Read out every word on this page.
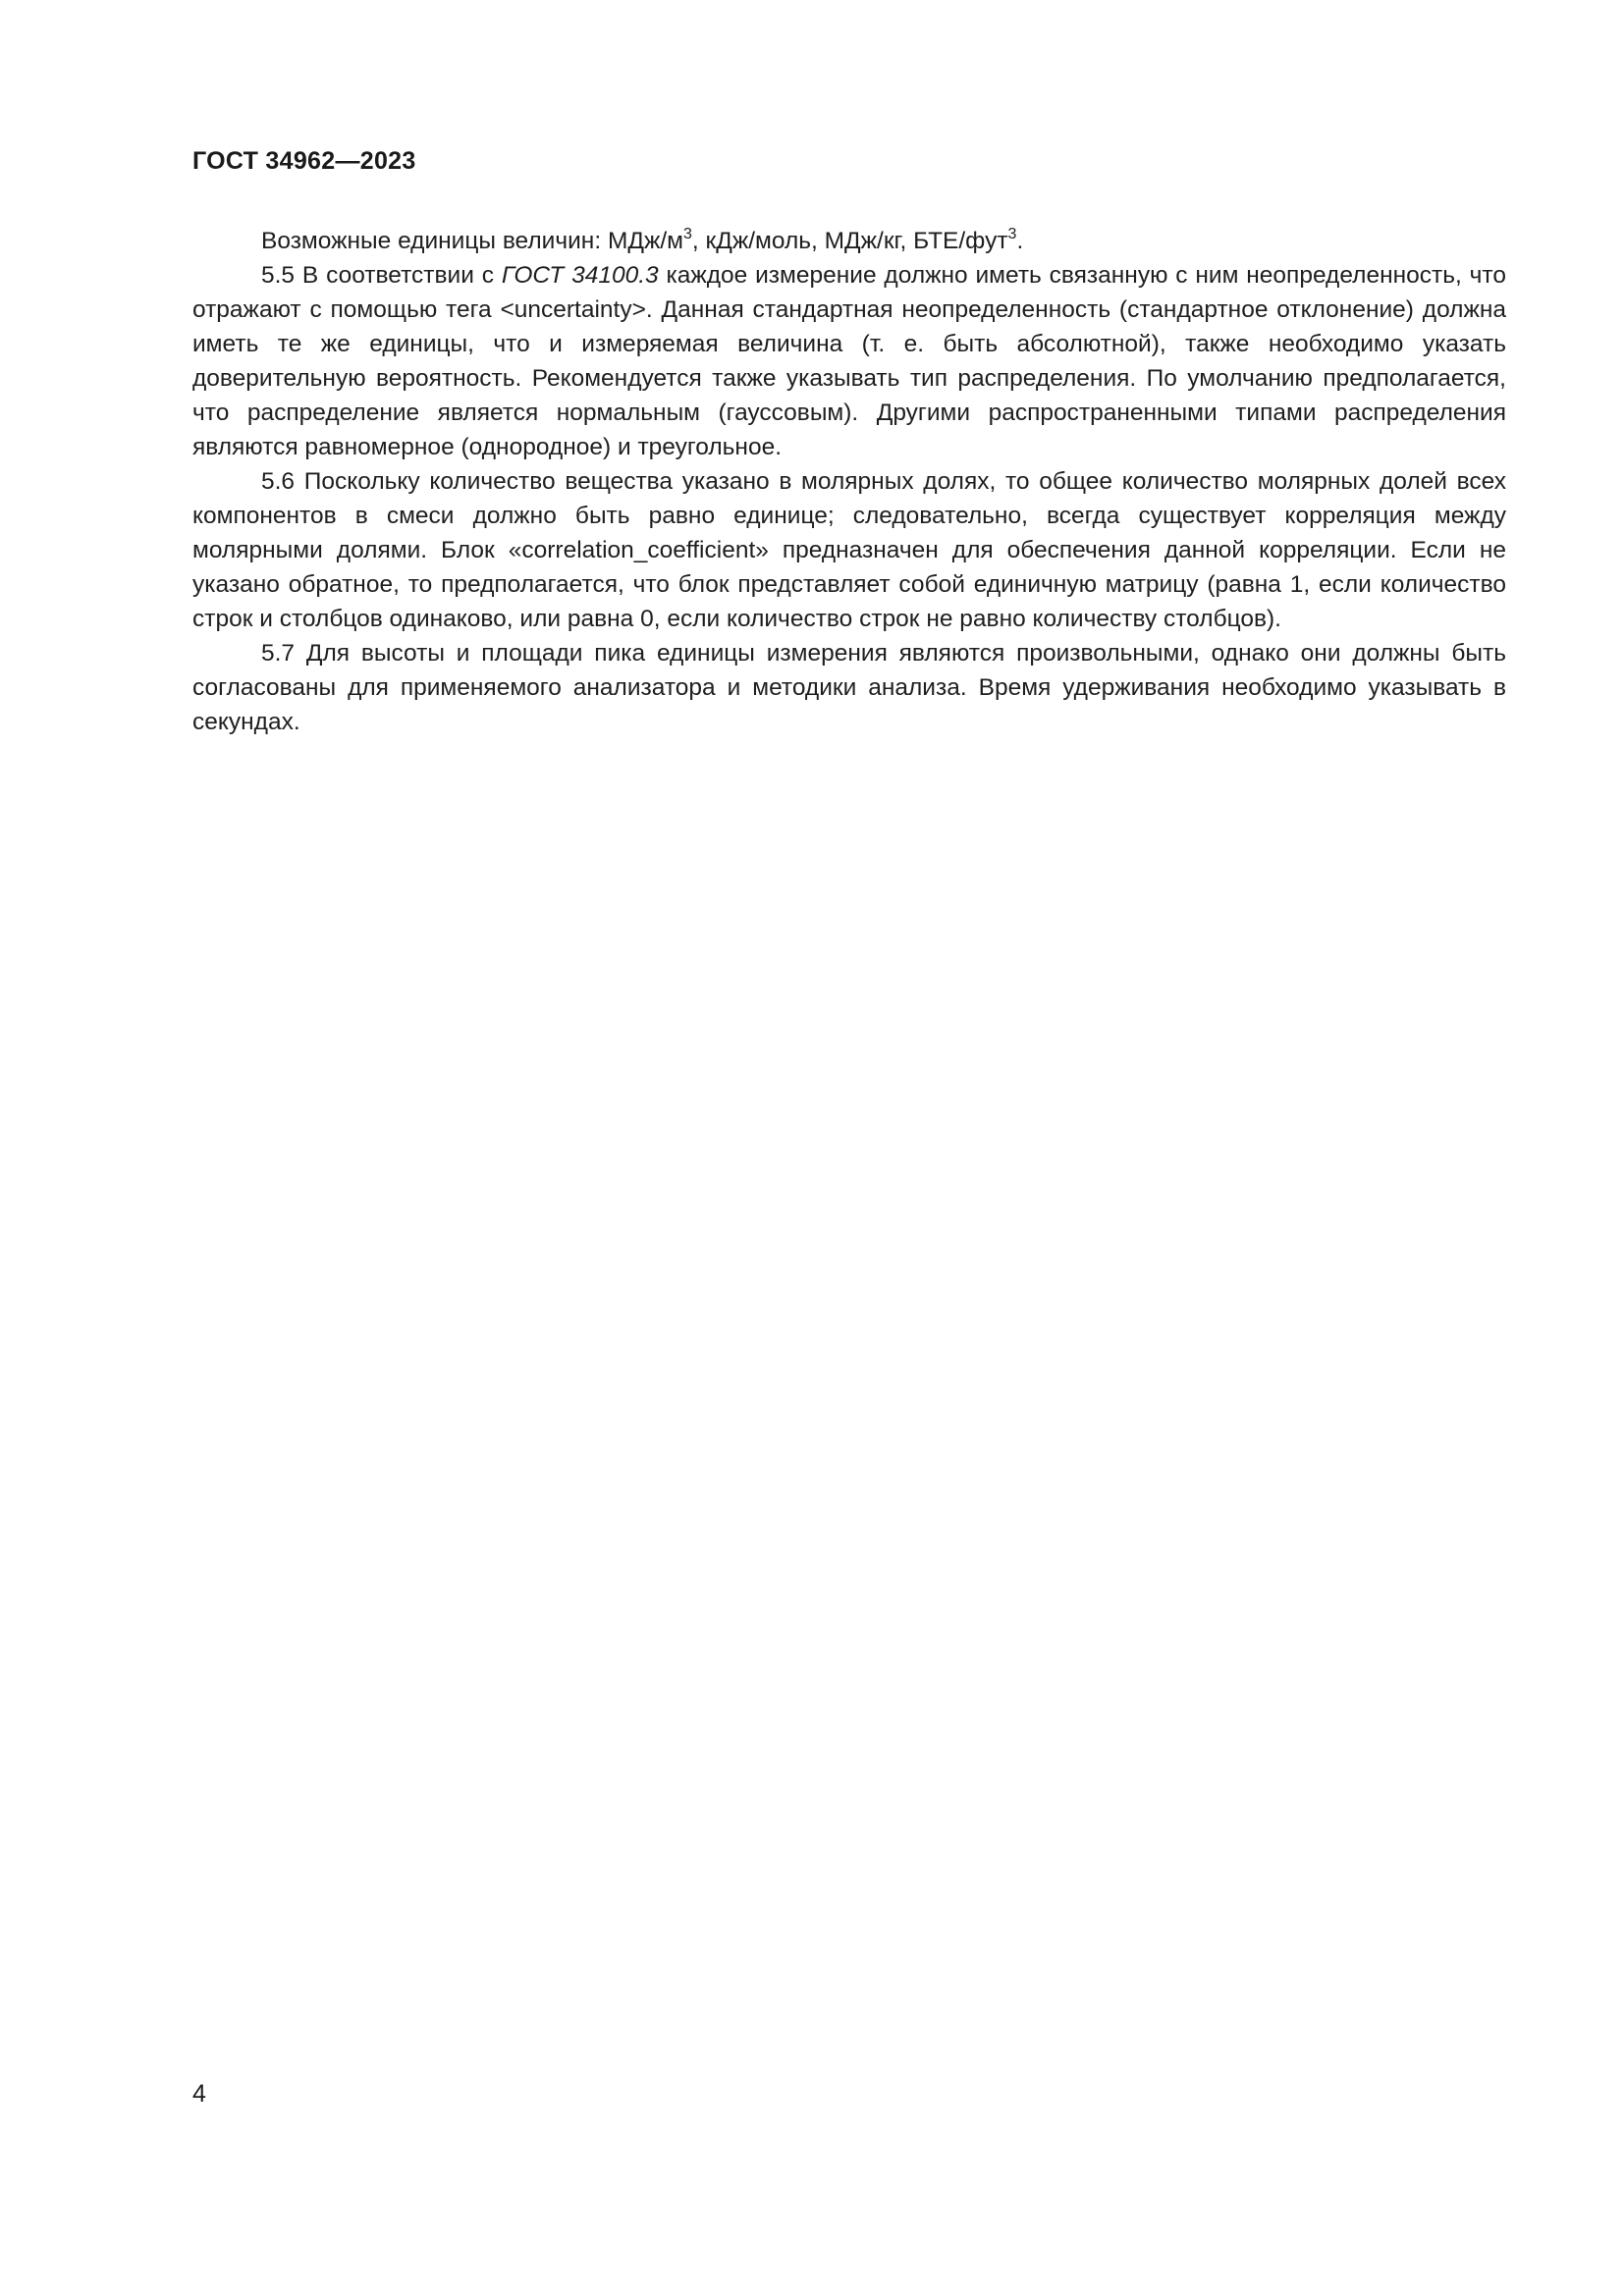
ГОСТ 34962—2023

Возможные единицы величин: МДж/$м^3$, кДж/моль, МДж/кг, БТЕ/фут$^3$.

5.5 В соответствии с ГОСТ 34100.3 каждое измерение должно иметь связанную с ним неопределенность, что отражают с помощью тега <uncertainty>. Данная стандартная неопределенность (стандартное отклонение) должна иметь те же единицы, что и измеряемая величина (т. е. быть абсолютной), также необходимо указать доверительную вероятность. Рекомендуется также указывать тип распределения. По умолчанию предполагается, что распределение является нормальным (гауссовым). Другими распространенными типами распределения являются равномерное (однородное) и треугольное.

5.6 Поскольку количество вещества указано в молярных долях, то общее количество молярных долей всех компонентов в смеси должно быть равно единице; следовательно, всегда существует корреляция между молярными долями. Блок «correlation_coefficient» предназначен для обеспечения данной корреляции. Если не указано обратное, то предполагается, что блок представляет собой единичную матрицу (равна 1, если количество строк и столбцов одинаково, или равна 0, если количество строк не равно количеству столбцов).

5.7 Для высоты и площади пика единицы измерения являются произвольными, однако они должны быть согласованы для применяемого анализатора и методики анализа. Время удерживания необходимо указывать в секундах.

4
